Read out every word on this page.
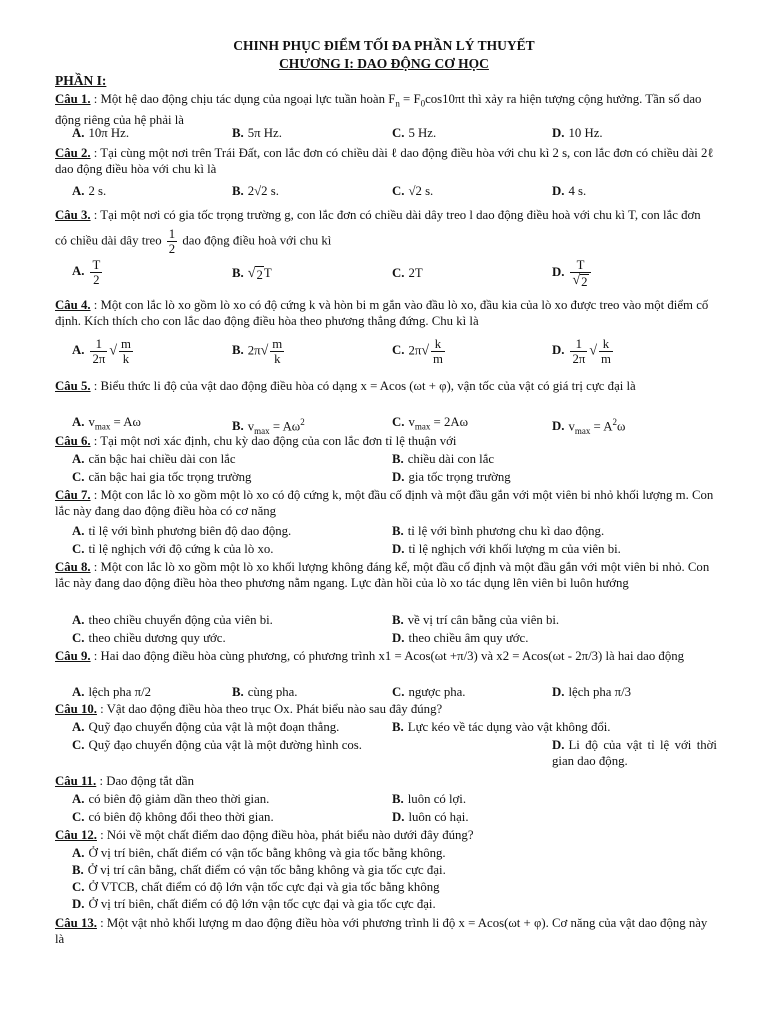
CHINH PHỤC ĐIỂM TỐI ĐA PHẦN LÝ THUYẾT
CHƯƠNG I: DAO ĐỘNG CƠ HỌC
PHẦN I:
Câu 1. : Một hệ dao động chịu tác dụng của ngoại lực tuần hoàn $F_n = F_0\cos 10\pi t$ thì xảy ra hiện tượng cộng hưởng. Tần số dao động riêng của hệ phải là
A. 10π Hz.	B. 5π Hz.	C. 5 Hz.	D. 10 Hz.
Câu 2. : Tại cùng một nơi trên Trái Đất, con lắc đơn có chiều dài ℓ dao động điều hòa với chu kì 2 s, con lắc đơn có chiều dài 2ℓ dao động điều hòa với chu kì là
A. 2 s.	B. 2√2 s.	C. √2 s.	D. 4 s.
Câu 3. : Tại một nơi có gia tốc trọng trường g, con lắc đơn có chiều dài dây treo l dao động điều hoà với chu kì T, con lắc đơn có chiều dài dây treo $\frac{1}{2}$ dao động điều hoà với chu kì
A. $\frac{T}{2}$	B. √2T	C. 2T	D. $\frac{T}{√2}$
Câu 4. : Một con lắc lò xo gồm lò xo có độ cứng k và hòn bi m gắn vào đầu lò xo, đầu kia của lò xo được treo vào một điểm cố định. Kích thích cho con lắc dao động điều hòa theo phương thẳng đứng. Chu kì là
A. $\frac{1}{2\pi}$ √ $\frac{m}{k}$	B. $2\pi√ \frac{m}{k}$	C. $2\pi√ \frac{k}{m}$	D. $\frac{1}{2\pi}$ √ $\frac{k}{m}$
Câu 5. : Biểu thức li độ của vật dao động điều hòa có dạng x = Acos (ωt + φ), vận tốc của vật có giá trị cực đại là
A. $v_{max} = A\omega$	B. $v_{max} = A\omega^2$	C. $v_{max} = 2A\omega$	D. $v_{max} = A^2\omega$
Câu 6. : Tại một nơi xác định, chu kỳ dao động của con lắc đơn tỉ lệ thuận với
A. căn bậc hai chiều dài con lắc	B. chiều dài con lắc
C. căn bậc hai gia tốc trọng trường	D. gia tốc trọng trường
Câu 7. : Một con lắc lò xo gồm một lò xo có độ cứng k, một đầu cố định và một đầu gắn với một viên bi nhỏ khối lượng m. Con lắc này đang dao động điều hòa có cơ năng
A. tỉ lệ với bình phương biên độ dao động.	B. tỉ lệ với bình phương chu kì dao động.
C. tỉ lệ nghịch với độ cứng k của lò xo.	D. tỉ lệ nghịch với khối lượng m của viên bi.
Câu 8. : Một con lắc lò xo gồm một lò xo khối lượng không đáng kể, một đầu cố định và một đầu gắn với một viên bi nhỏ. Con lắc này đang dao động điều hòa theo phương nằm ngang. Lực đàn hồi của lò xo tác dụng lên viên bi luôn hướng
A. theo chiều chuyển động của viên bi.	B. về vị trí cân bằng của viên bi.
C. theo chiều dương quy ước.	D. theo chiều âm quy ước.
Câu 9. : Hai dao động điều hòa cùng phương, có phương trình x1 = Acos(ωt +π/3) và x2 = Acos(ωt - 2π/3) là hai dao động
A. lệch pha π/2	B. cùng pha.	C. ngược pha.	D. lệch pha π/3
Câu 10. : Vật dao động điều hòa theo trục Ox. Phát biểu nào sau đây đúng?
A. Quỹ đạo chuyển động của vật là một đoạn thẳng.	B. Lực kéo về tác dụng vào vật không đổi.
C. Quỹ đạo chuyển động của vật là một đường hình cos.	D. Li độ của vật tỉ lệ với thời gian dao động.
Câu 11. : Dao động tắt dần
A. có biên độ giảm dần theo thời gian.	B. luôn có lợi.
C. có biên độ không đổi theo thời gian.	D. luôn có hại.
Câu 12. : Nói về một chất điểm dao động điều hòa, phát biểu nào dưới đây đúng?
A. Ở vị trí biên, chất điểm có vận tốc bằng không và gia tốc bằng không.
B. Ở vị trí cân bằng, chất điểm có vận tốc bằng không và gia tốc cực đại.
C. Ở VTCB, chất điểm có độ lớn vận tốc cực đại và gia tốc bằng không
D. Ở vị trí biên, chất điểm có độ lớn vận tốc cực đại và gia tốc cực đại.
Câu 13. : Một vật nhỏ khối lượng m dao động điều hòa với phương trình li độ x = Acos(ωt + φ). Cơ năng của vật dao động này là
